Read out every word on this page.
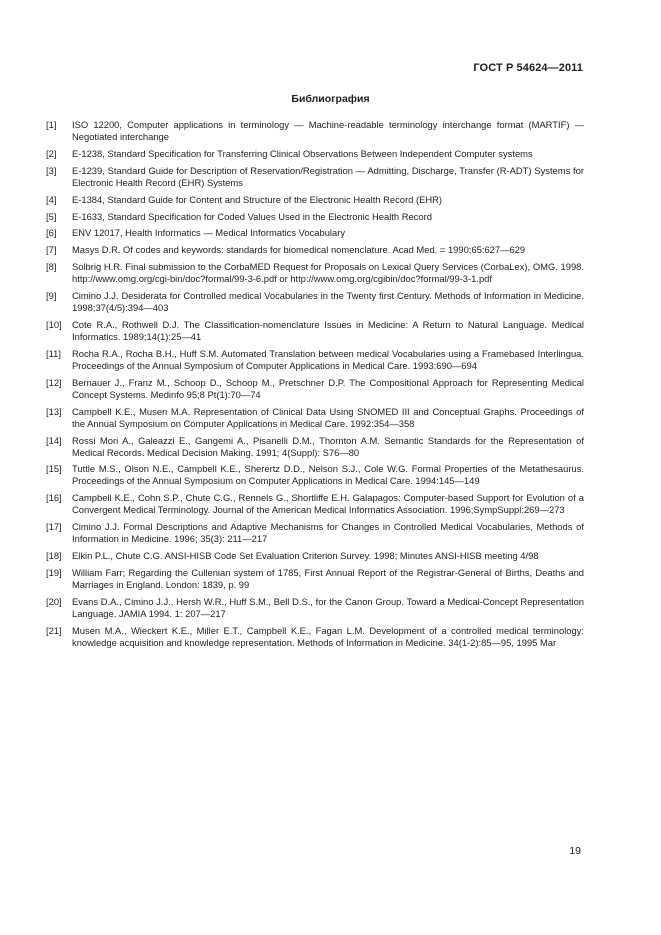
ГОСТ Р 54624—2011
Библиография
[1]	ISO 12200, Computer applications in terminology — Machine-readable terminology interchange format (MARTIF) — Negotiated interchange
[2]	E-1238, Standard Specification for Transferring Clinical Observations Between Independent Computer systems
[3]	E-1239, Standard Guide for Description of Reservation/Registration — Admitting, Discharge, Transfer (R-ADT) Systems for Electronic Health Record (EHR) Systems
[4]	E-1384, Standard Guide for Content and Structure of the Electronic Health Record (EHR)
[5]	E-1633, Standard Specification for Coded Values Used in the Electronic Health Record
[6]	ENV 12017, Health Informatics — Medical Informatics Vocabulary
[7]	Masys D.R. Of codes and keywords: standards for biomedical nomenclature. Acad Med. = 1990;65:627—629
[8]	Solbrig H.R. Final submission to the CorbaMED Request for Proposals on Lexical Query Services (CorbaLex), OMG. 1998. http://www.omg.org/cgi-bin/doc?formal/99-3-6.pdf or http://www.omg.org/cgibin/doc?formal/99-3-1.pdf
[9]	Cimino J.J. Desiderata for Controlled medical Vocabularies in the Twenty first Century. Methods of Information in Medicine. 1998;37(4/5):394—403
[10]	Cote R.A., Rothwell D.J. The Classification-nomenclature Issues in Medicine: A Return to Natural Language. Medical Informatics. 1989;14(1):25—41
[11]	Rocha R.A., Rocha B.H., Huff S.M. Automated Translation between medical Vocabularies using a Framebased Interlingua. Proceedings of the Annual Symposium of Computer Applications in Medical Care. 1993:690—694
[12]	Bernauer J., Franz M., Schoop D., Schoop M., Pretschner D.P. The Compositional Approach for Representing Medical Concept Systems. Medinfo 95;8 Pt(1):70—74
[13]	Campbell K.E., Musen M.A. Representation of Clinical Data Using SNOMED III and Conceptual Graphs. Proceedings of the Annual Symposium on Computer Applications in Medical Care. 1992:354—358
[14]	Rossi Mori A., Galeazzi E., Gangemi A., Pisanelli D.M., Thornton A.M. Semantic Standards for the Representation of Medical Records. Medical Decision Making. 1991; 4(Suppl): S76—80
[15]	Tuttle M.S., Olson N.E., Campbell K.E., Sherertz D.D., Nelson S.J., Cole W.G. Formal Properties of the Metathesaurus. Proceedings of the Annual Symposium on Computer Applications in Medical Care. 1994:145—149
[16]	Campbell K.E., Cohn S.P., Chute C.G., Rennels G., Shortliffe E.H. Galapagos: Computer-based Support for Evolution of a Convergent Medical Terminology. Journal of the American Medical Informatics Association. 1996;SympSuppl:269—273
[17]	Cimino J.J. Formal Descriptions and Adaptive Mechanisms for Changes in Controlled Medical Vocabularies, Methods of Information in Medicine. 1996; 35(3): 211—217
[18]	Elkin P.L., Chute C.G. ANSI-HISB Code Set Evaluation Criterion Survey. 1998; Minutes ANSI-HISB meeting 4/98
[19]	William Farr; Regarding the Cullenian system of 1785, First Annual Report of the Registrar-General of Births, Deaths and Marriages in England. London: 1839, p. 99
[20]	Evans D.A., Cimino J.J., Hersh W.R., Huff S.M., Bell D.S., for the Canon Group. Toward a Medical-Concept Representation Language. JAMIA 1994. 1: 207—217
[21]	Musen M.A., Wieckert K.E., Miller E.T., Campbell K.E., Fagan L.M. Development of a controlled medical terminology: knowledge acquisition and knowledge representation. Methods of Information in Medicine. 34(1-2):85—95, 1995 Mar
19
